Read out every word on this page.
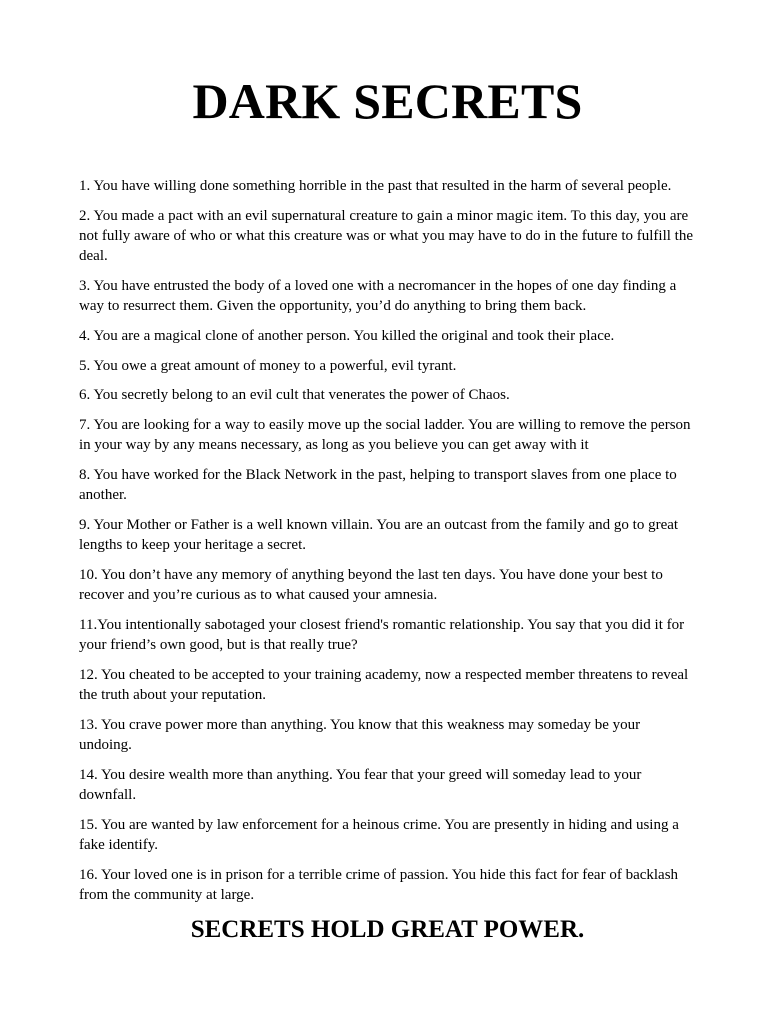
DARK SECRETS
1. You have willing done something horrible in the past that resulted in the harm of several people.
2. You made a pact with an evil supernatural creature to gain a minor magic item. To this day, you are not fully aware of who or what this creature was or what you may have to do in the future to fulfill the deal.
3. You have entrusted the body of a loved one with a necromancer in the hopes of one day finding a way to resurrect them. Given the opportunity, you’d do anything to bring them back.
4. You are a magical clone of another person. You killed the original and took their place.
5. You owe a great amount of money to a powerful, evil tyrant.
6. You secretly belong to an evil cult that venerates the power of Chaos.
7. You are looking for a way to easily move up the social ladder. You are willing to remove the person in your way by any means necessary, as long as you believe you can get away with it
8. You have worked for the Black Network in the past, helping to transport slaves from one place to another.
9. Your Mother or Father is a well known villain. You are an outcast from the family and go to great lengths to keep your heritage a secret.
10. You don’t have any memory of anything beyond the last ten days. You have done your best to recover and you’re curious as to what caused your amnesia.
11.You intentionally sabotaged your closest friend's romantic relationship. You say that you did it for your friend’s own good, but is that really true?
12. You cheated to be accepted to your training academy, now a respected member threatens to reveal the truth about your reputation.
13. You crave power more than anything. You know that this weakness may someday be your undoing.
14. You desire wealth more than anything. You fear that your greed will someday lead to your downfall.
15. You are wanted by law enforcement for a heinous crime. You are presently in hiding and using a fake identify.
16. Your loved one is in prison for a terrible crime of passion. You hide this fact for fear of backlash from the community at large.

SECRETS HOLD GREAT POWER.
